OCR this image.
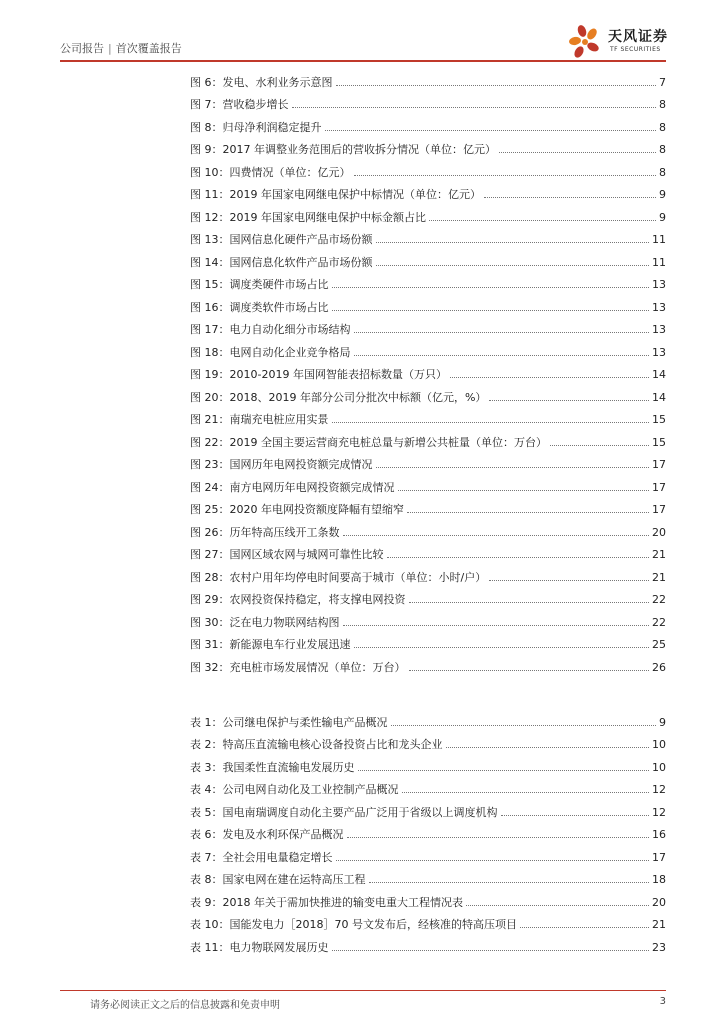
公司报告 | 首次覆盖报告
天风证券
TF SECURITIES
图 6：发电、水利业务示意图	7
图 7：营收稳步增长	8
图 8：归母净利润稳定提升	8
图 9：2017 年调整业务范围后的营收拆分情况（单位：亿元）	8
图 10：四费情况（单位：亿元）	8
图 11：2019 年国家电网继电保护中标情况（单位：亿元）	9
图 12：2019 年国家电网继电保护中标金额占比	9
图 13：国网信息化硬件产品市场份额	11
图 14：国网信息化软件产品市场份额	11
图 15：调度类硬件市场占比	13
图 16：调度类软件市场占比	13
图 17：电力自动化细分市场结构	13
图 18：电网自动化企业竞争格局	13
图 19：2010-2019 年国网智能表招标数量（万只）	14
图 20：2018、2019 年部分公司分批次中标额（亿元，%）	14
图 21：南瑞充电桩应用实景	15
图 22：2019 全国主要运营商充电桩总量与新增公共桩量（单位：万台）	15
图 23：国网历年电网投资额完成情况	17
图 24：南方电网历年电网投资额完成情况	17
图 25：2020 年电网投资额度降幅有望缩窄	17
图 26：历年特高压线开工条数	20
图 27：国网区域农网与城网可靠性比较	21
图 28：农村户用年均停电时间要高于城市（单位：小时/户）	21
图 29：农网投资保持稳定，将支撑电网投资	22
图 30：泛在电力物联网结构图	22
图 31：新能源电车行业发展迅速	25
图 32：充电桩市场发展情况（单位：万台）	26
表 1：公司继电保护与柔性输电产品概况	9
表 2：特高压直流输电核心设备投资占比和龙头企业	10
表 3：我国柔性直流输电发展历史	10
表 4：公司电网自动化及工业控制产品概况	12
表 5：国电南瑞调度自动化主要产品广泛用于省级以上调度机构	12
表 6：发电及水利环保产品概况	16
表 7：全社会用电量稳定增长	17
表 8：国家电网在建在运特高压工程	18
表 9：2018 年关于需加快推进的输变电重大工程情况表	20
表 10：国能发电力［2018］70 号文发布后，经核准的特高压项目	21
表 11：电力物联网发展历史	23
请务必阅读正文之后的信息披露和免责申明	3
